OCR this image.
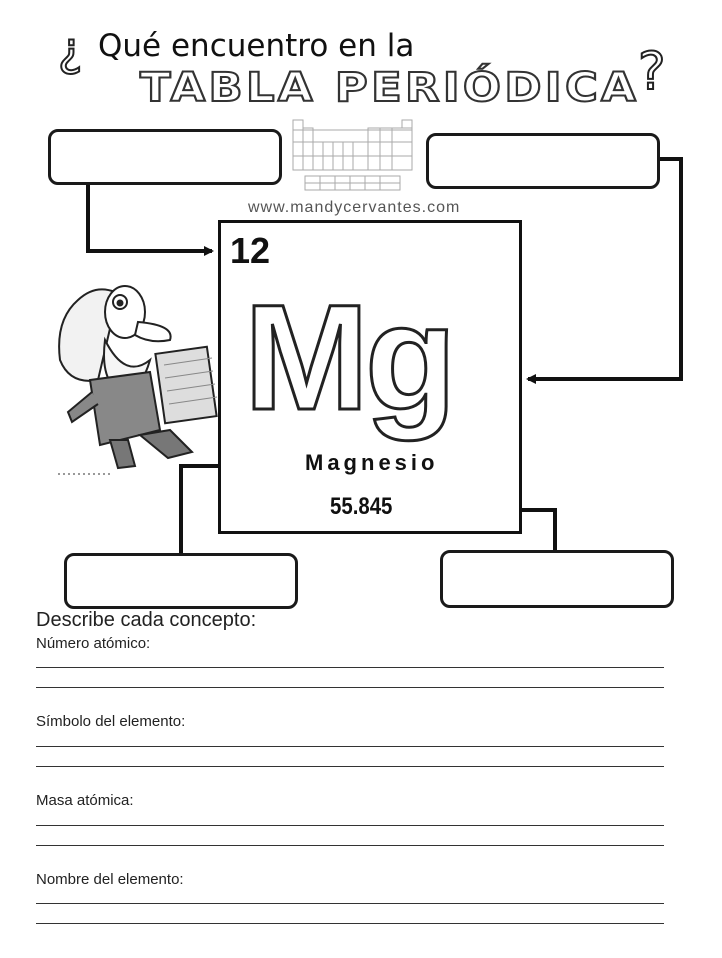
¿ Qué encuentro en la
TABLA PERIÓDICA
?
www.mandycervantes.com
12
Mg
Magnesio
55.845
Describe cada concepto:
Número atómico:
Símbolo del elemento:
Masa atómica:
Nombre del elemento:
